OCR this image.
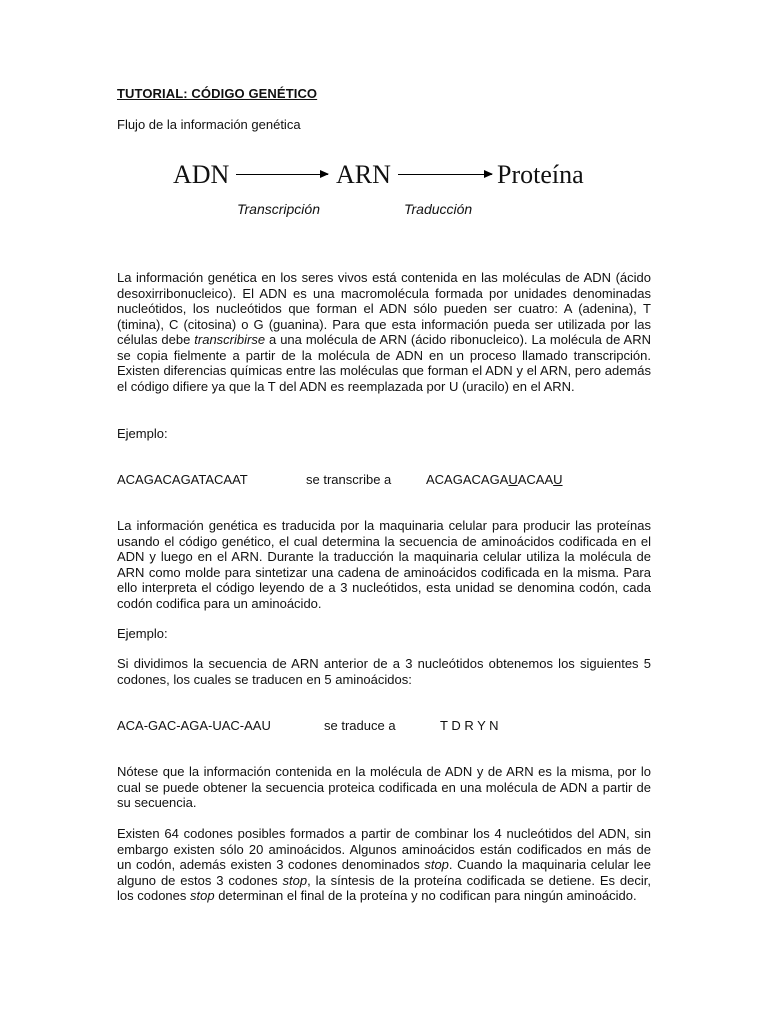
TUTORIAL: CÓDIGO GENÉTICO
Flujo de la información genética
ADN	ARN	Proteína
Transcripción	Traducción
La información genética en los seres vivos está contenida en las moléculas de ADN (ácido desoxirribonucleico). El ADN es una macromolécula formada por unidades denominadas nucleótidos, los nucleótidos que forman el ADN sólo pueden ser cuatro: A (adenina), T (timina), C (citosina) o G (guanina). Para que esta información pueda ser utilizada por las células debe transcribirse a una molécula de ARN (ácido ribonucleico). La molécula de ARN se copia fielmente a partir de la molécula de ADN en un proceso llamado transcripción. Existen diferencias químicas entre las moléculas que forman el ADN y el ARN, pero además el código difiere ya que la T del ADN es reemplazada por U (uracilo) en el ARN.
Ejemplo:
ACAGACAGATACAAT	se transcribe a	ACAGACAGAUACAAU
La información genética es traducida por la maquinaria celular para producir las proteínas usando el código genético, el cual determina la secuencia de aminoácidos codificada en el ADN y luego en el ARN. Durante la traducción la maquinaria celular utiliza la molécula de ARN como molde para sintetizar una cadena de aminoácidos codificada en la misma. Para ello interpreta el código leyendo de a 3 nucleótidos, esta unidad se denomina codón, cada codón codifica para un aminoácido.
Ejemplo:
Si dividimos la secuencia de ARN anterior de a 3 nucleótidos obtenemos los siguientes 5 codones, los cuales se traducen en 5 aminoácidos:
ACA-GAC-AGA-UAC-AAU	se traduce a	T D R Y N
Nótese que la información contenida en la molécula de ADN y de ARN es la misma, por lo cual se puede obtener la secuencia proteica codificada en una molécula de ADN a partir de su secuencia.
Existen 64 codones posibles formados a partir de combinar los 4 nucleótidos del ADN, sin embargo existen sólo 20 aminoácidos. Algunos aminoácidos están codificados en más de un codón, además existen 3 codones denominados stop. Cuando la maquinaria celular lee alguno de estos 3 codones stop, la síntesis de la proteína codificada se detiene. Es decir, los codones stop determinan el final de la proteína y no codifican para ningún aminoácido.
